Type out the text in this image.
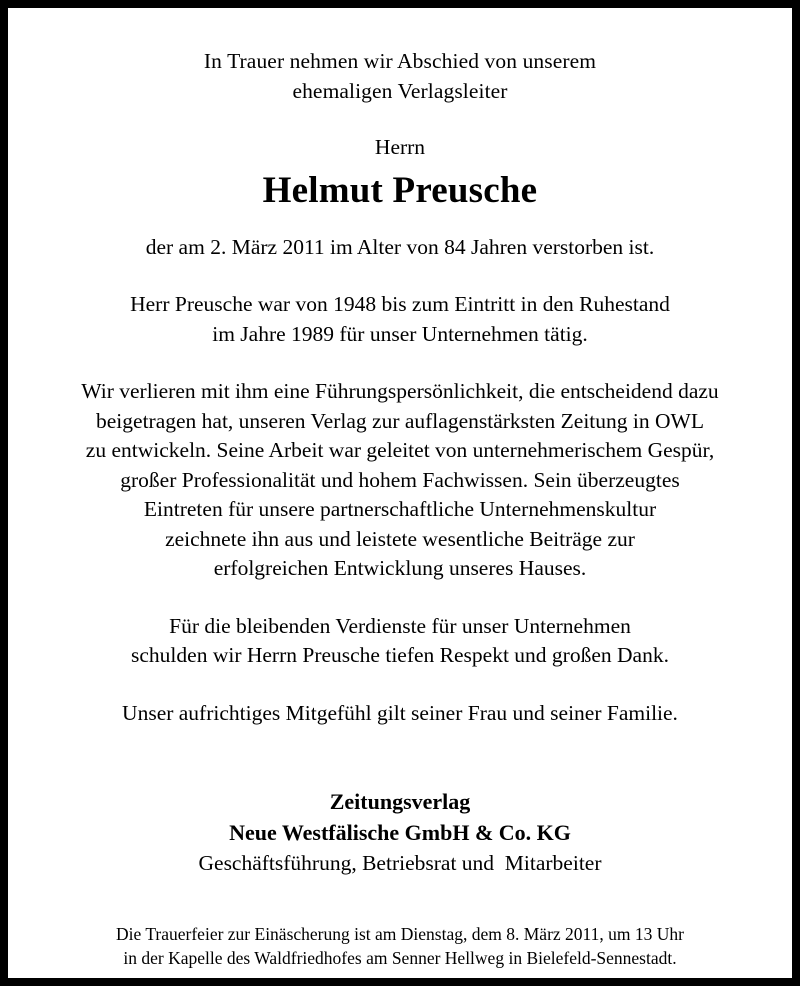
In Trauer nehmen wir Abschied von unserem
ehemaligen Verlagsleiter
Herrn
Helmut Preusche
der am 2. März 2011 im Alter von 84 Jahren verstorben ist.
Herr Preusche war von 1948 bis zum Eintritt in den Ruhestand
im Jahre 1989 für unser Unternehmen tätig.
Wir verlieren mit ihm eine Führungspersönlichkeit, die entscheidend dazu
beigetragen hat, unseren Verlag zur auflagenstärksten Zeitung in OWL
zu entwickeln. Seine Arbeit war geleitet von unternehmerischem Gespür,
großer Professionalität und hohem Fachwissen. Sein überzeugtes
Eintreten für unsere partnerschaftliche Unternehmenskultur
zeichnete ihn aus und leistete wesentliche Beiträge zur
erfolgreichen Entwicklung unseres Hauses.
Für die bleibenden Verdienste für unser Unternehmen
schulden wir Herrn Preusche tiefen Respekt und großen Dank.
Unser aufrichtiges Mitgefühl gilt seiner Frau und seiner Familie.
Zeitungsverlag
Neue Westfälische GmbH & Co. KG
Geschäftsführung, Betriebsrat und  Mitarbeiter
Die Trauerfeier zur Einäscherung ist am Dienstag, dem 8. März 2011, um 13 Uhr
in der Kapelle des Waldfriedhofes am Senner Hellweg in Bielefeld-Sennestadt.
